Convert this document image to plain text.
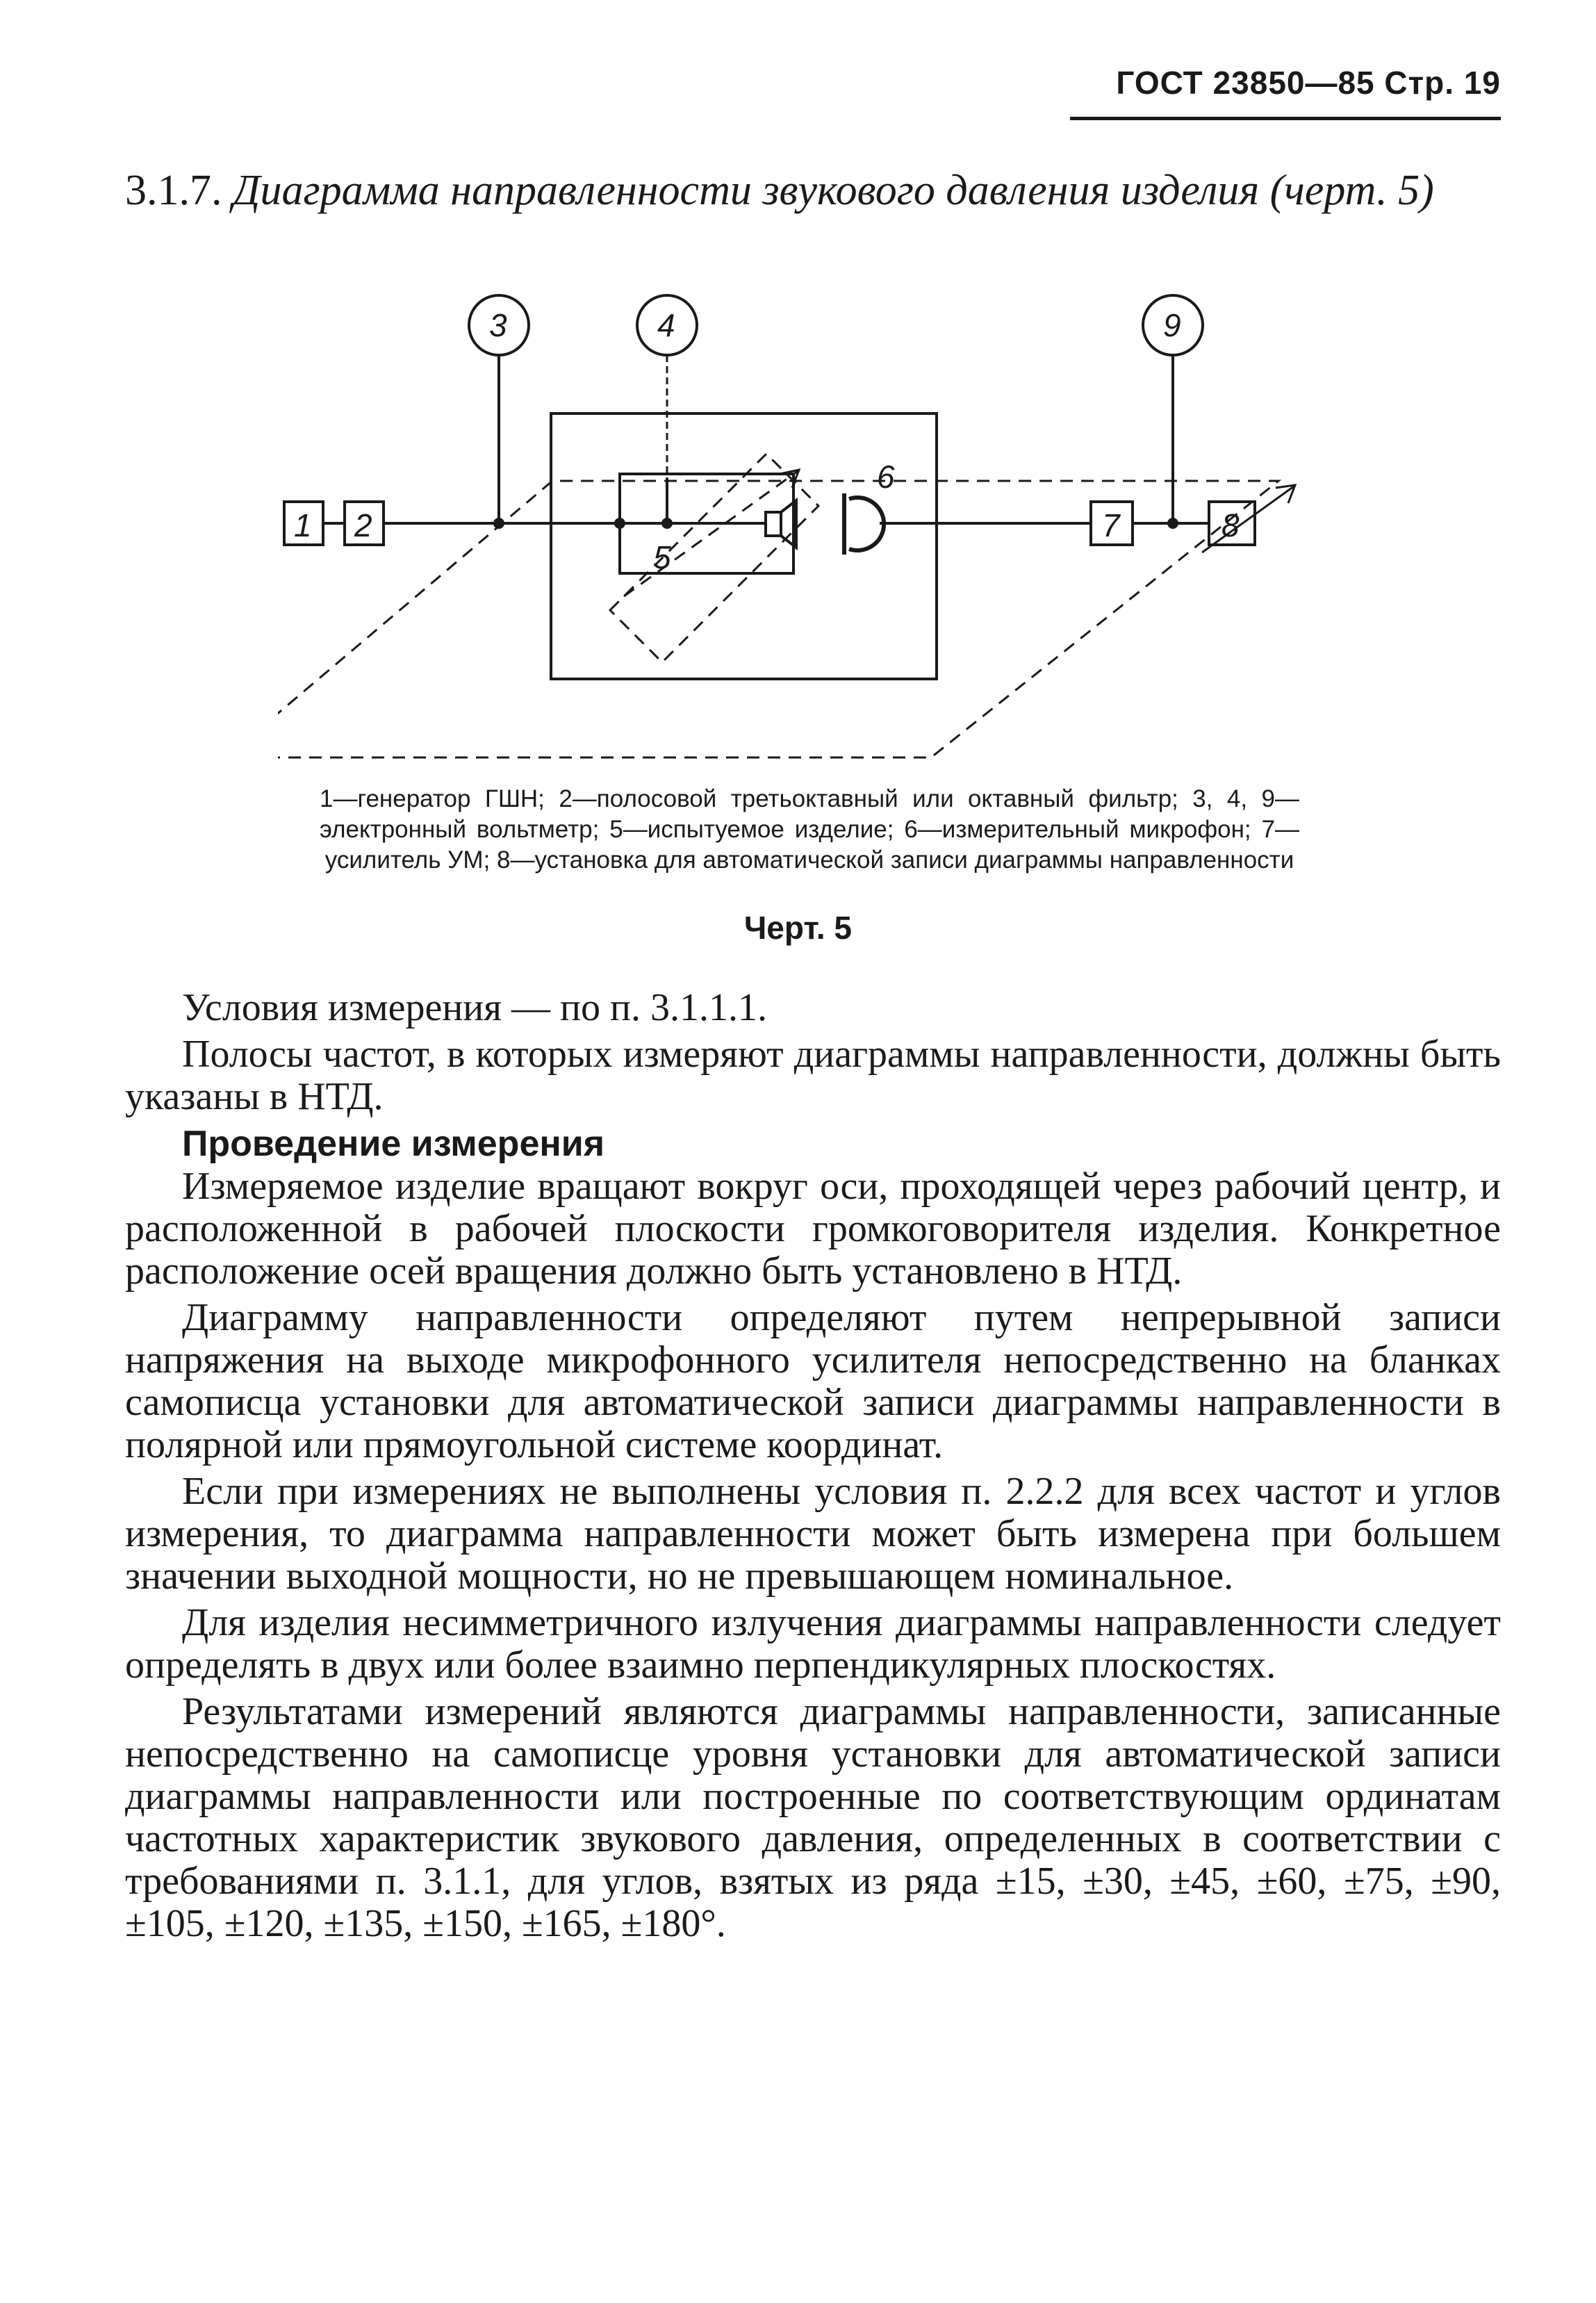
ГОСТ 23850—85 Стр. 19
3.1.7. Диаграмма направленности звукового давления изделия (черт. 5)
1 2
3	4
5
6
7	8
9
1—генератор ГШН; 2—полосовой третьоктавный или октавный фильтр; 3, 4, 9—электронный вольтметр; 5—испытуемое изделие; 6—измерительный микрофон; 7—усилитель УМ; 8—установка для автоматической записи диаграммы направленности
Черт. 5

Условия измерения — по п. 3.1.1.1.

Полосы частот, в которых измеряют диаграммы направленности, должны быть указаны в НТД.

Проведение измерения

Измеряемое изделие вращают вокруг оси, проходящей через рабочий центр, и расположенной в рабочей плоскости громкоговорителя изделия. Конкретное расположение осей вращения должно быть установлено в НТД.

Диаграмму направленности определяют путем непрерывной записи напряжения на выходе микрофонного усилителя непосредственно на бланках самописца установки для автоматической записи диаграммы направленности в полярной или прямоугольной системе координат.

Если при измерениях не выполнены условия п. 2.2.2 для всех частот и углов измерения, то диаграмма направленности может быть измерена при большем значении выходной мощности, но не превышающем номинальное.

Для изделия несимметричного излучения диаграммы направленности следует определять в двух или более взаимно перпендикулярных плоскостях.

Результатами измерений являются диаграммы направленности, записанные непосредственно на самописце уровня установки для автоматической записи диаграммы направленности или построенные по соответствующим ординатам частотных характеристик звукового давления, определенных в соответствии с требованиями п. 3.1.1, для углов, взятых из ряда ±15, ±30, ±45, ±60, ±75, ±90, ±105, ±120, ±135, ±150, ±165, ±180°.
